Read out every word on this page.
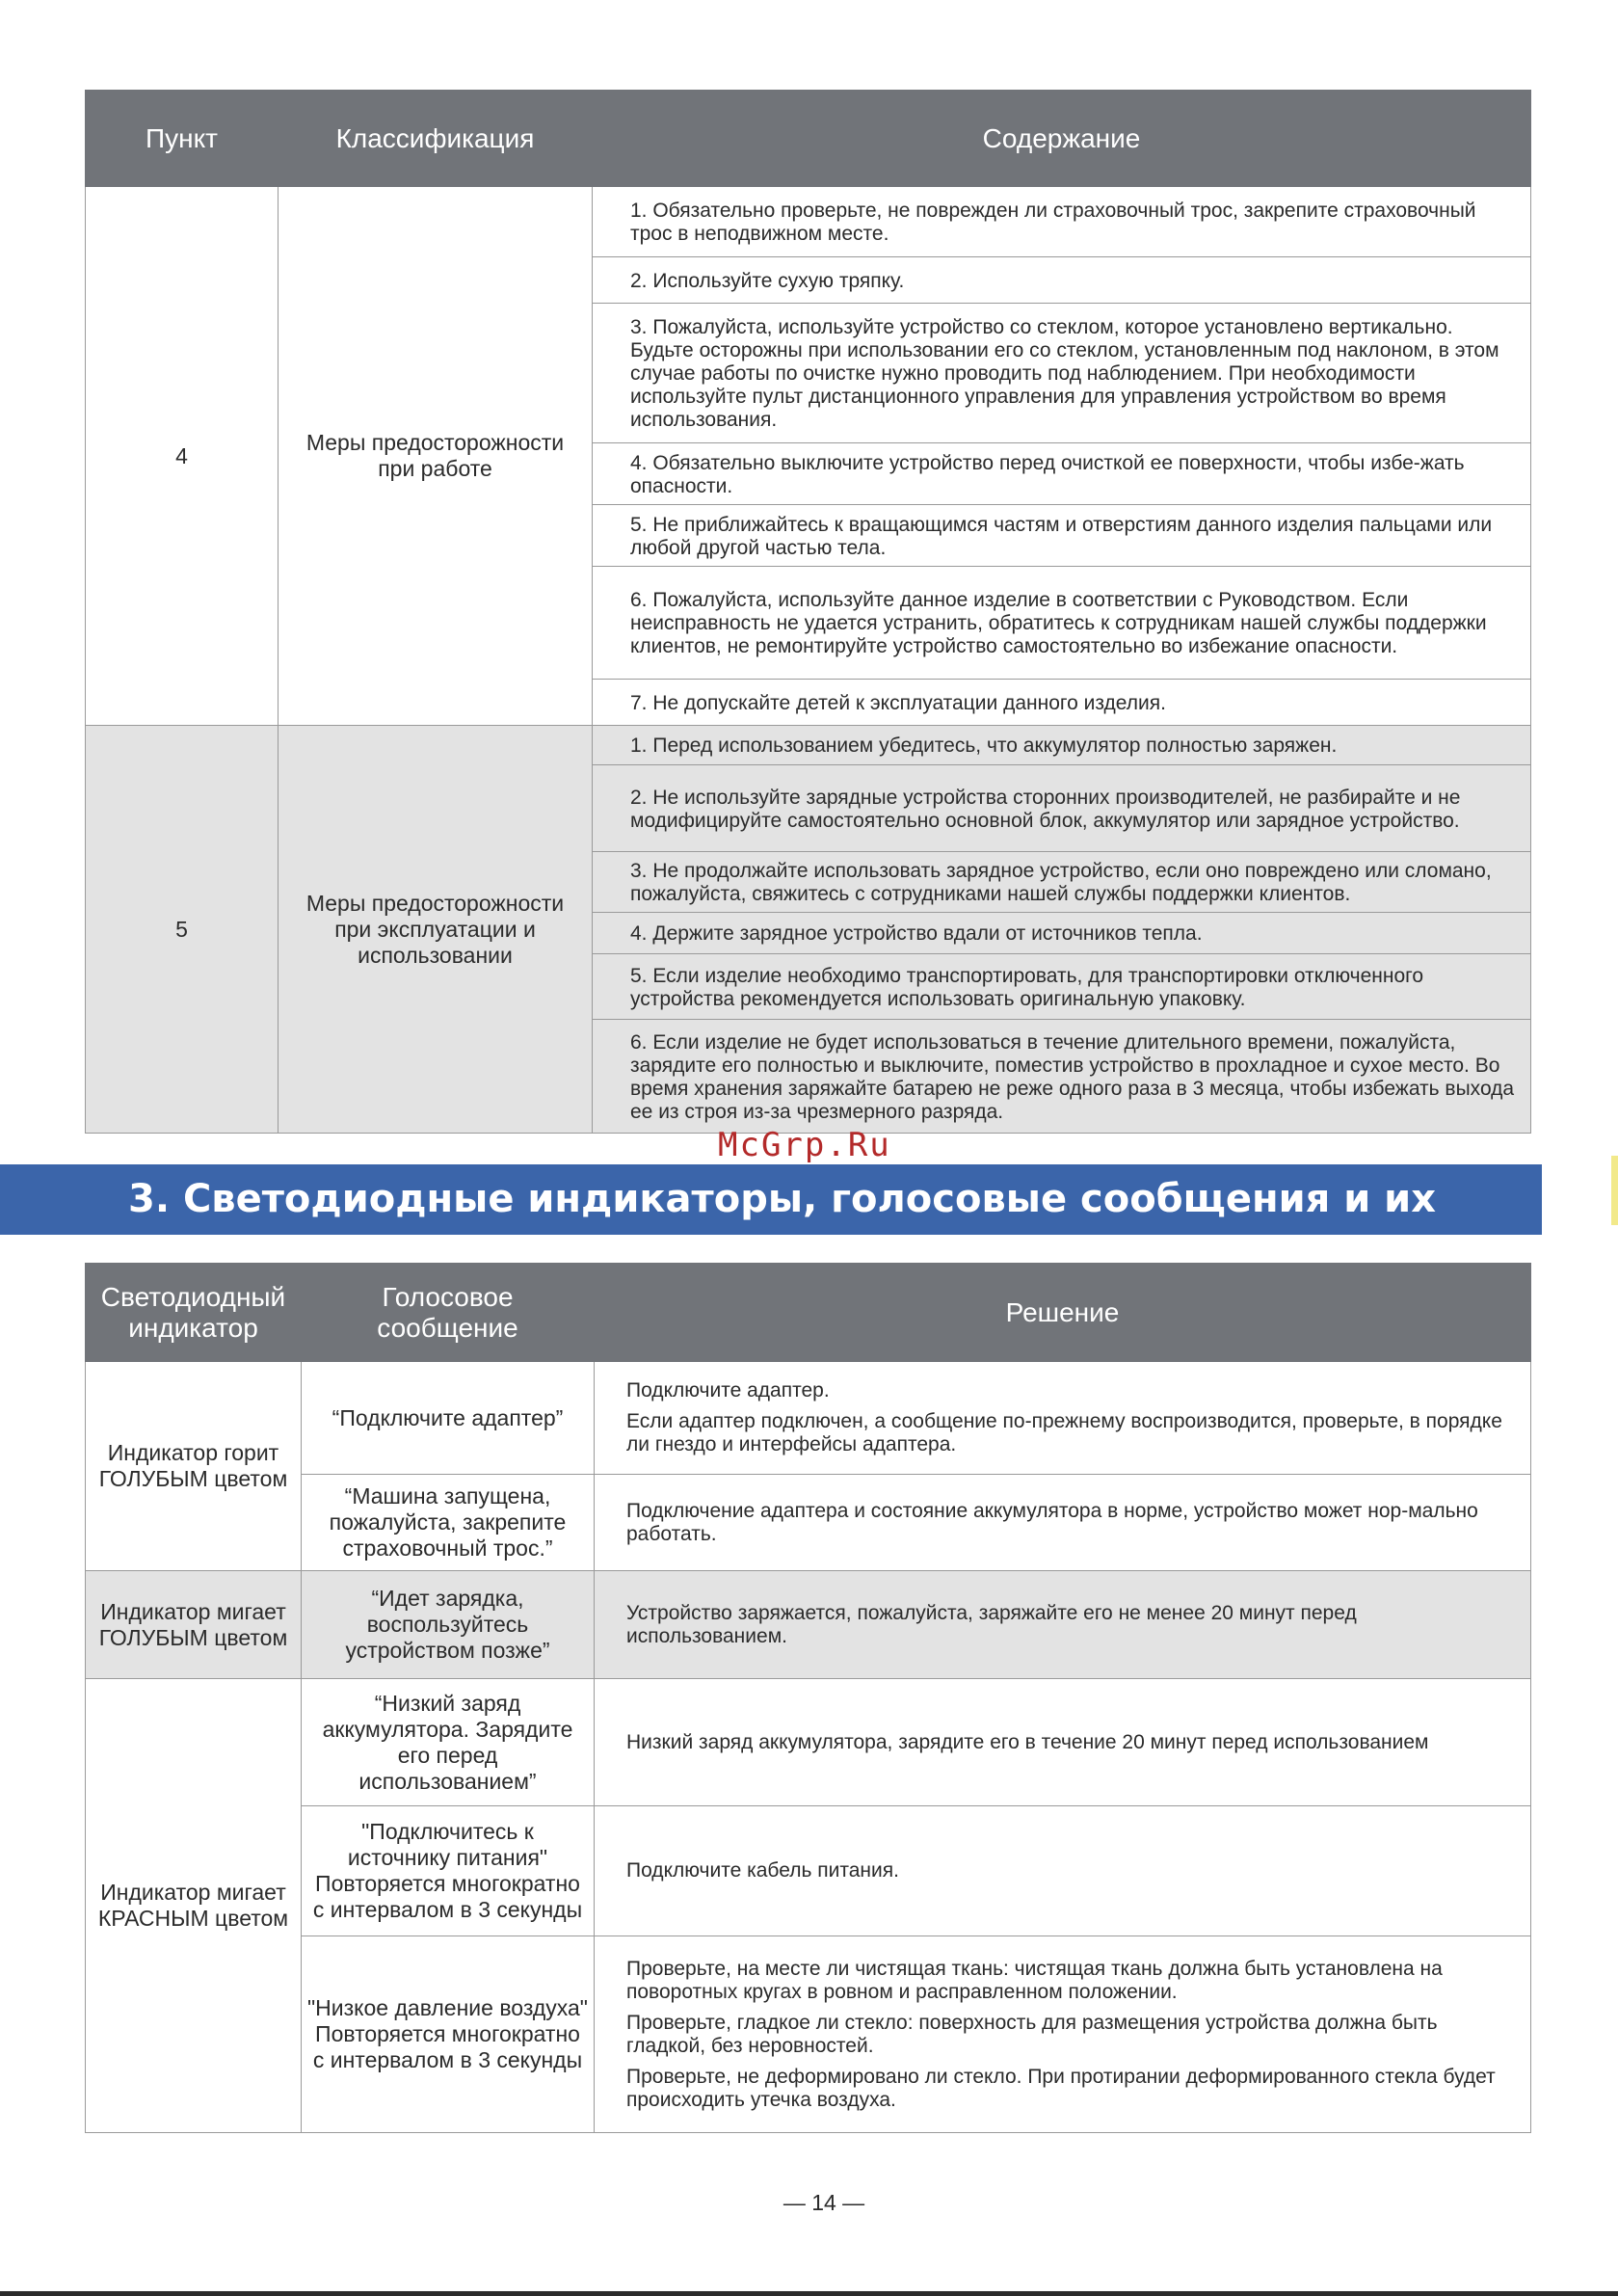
Пункт	Классификация	Содержание
4	Меры предосторожности при работе	1. Обязательно проверьте, не поврежден ли страховочный трос, закрепите страховочный трос в неподвижном месте.
		2. Используйте сухую тряпку.
		3. Пожалуйста, используйте устройство со стеклом, которое установлено вертикально. Будьте осторожны при использовании его со стеклом, установленным под наклоном, в этом случае работы по очистке нужно проводить под наблюдением. При необходимости используйте пульт дистанционного управления для управления устройством во время использования.
		4. Обязательно выключите устройство перед очисткой ее поверхности, чтобы избе-жать опасности.
		5. Не приближайтесь к вращающимся частям и отверстиям данного изделия пальцами или любой другой частью тела.
		6. Пожалуйста, используйте данное изделие в соответствии с Руководством. Если неисправность не удается устранить, обратитесь к сотрудникам нашей службы поддержки клиентов, не ремонтируйте устройство самостоятельно во избежание опасности.
		7. Не допускайте детей к эксплуатации данного изделия.
5	Меры предосторожности при эксплуатации и использовании	1. Перед использованием убедитесь, что аккумулятор полностью заряжен.
		2. Не используйте зарядные устройства сторонних производителей, не разбирайте и не модифицируйте самостоятельно основной блок, аккумулятор или зарядное устройство.
		3. Не продолжайте использовать зарядное устройство, если оно повреждено или сломано, пожалуйста, свяжитесь с сотрудниками нашей службы поддержки клиентов.
		4. Держите зарядное устройство вдали от источников тепла.
		5. Если изделие необходимо транспортировать, для транспортировки отключенного устройства рекомендуется использовать оригинальную упаковку.
		6. Если изделие не будет использоваться в течение длительного времени, пожалуйста, зарядите его полностью и выключите, поместив устройство в прохладное и сухое место. Во время хранения заряжайте батарею не реже одного раза в 3 месяца, чтобы избежать выхода ее из строя из-за чрезмерного разряда.
McGrp.Ru
3. Светодиодные индикаторы, голосовые сообщения и их
Светодиодный индикатор	Голосовое сообщение	Решение
Индикатор горит ГОЛУБЫМ цветом	“Подключите адаптер”	Подключите адаптер.

Если адаптер подключен, а сообщение по-прежнему воспроизводится, проверьте, в порядке ли гнездо и интерфейсы адаптера.

	“Машина запущена, пожалуйста, закрепите страховочный трос.”	Подключение адаптера и состояние аккумулятора в норме, устройство может нор-мально работать.

Индикатор мигает ГОЛУБЫМ цветом	“Идет зарядка, воспользуйтесь устройством позже”	Устройство заряжается, пожалуйста, заряжайте его не менее 20 минут перед использованием.

Индикатор мигает КРАСНЫМ цветом	“Низкий заряд аккумулятора. Зарядите его перед использованием”	Низкий заряд аккумулятора, зарядите его в течение 20 минут перед использованием

	"Подключитесь к источнику питания" Повторяется многократно с интервалом в 3 секунды	Подключите кабель питания.

	"Низкое давление воздуха" Повторяется многократно с интервалом в 3 секунды	Проверьте, на месте ли чистящая ткань: чистящая ткань должна быть установлена на поворотных кругах в ровном и расправленном положении.

Проверьте, гладкое ли стекло: поверхность для размещения устройства должна быть гладкой, без неровностей.

Проверьте, не деформировано ли стекло. При протирании деформированного стекла будет происходить утечка воздуха.

— 14 —
